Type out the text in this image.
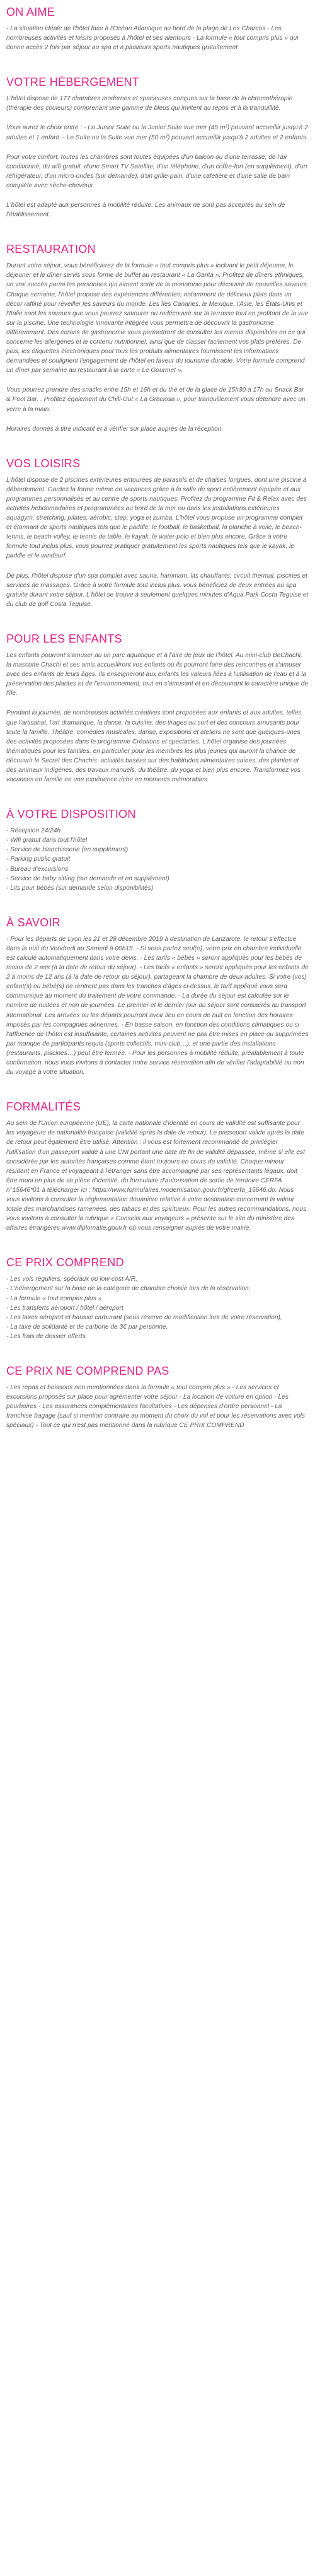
ON AIME

- La situation idéale de l'hôtel face à l'Océan Atlantique au bord de la plage de Los Charcos - Les nombreuses activités et loisirs proposés à l'hôtel et ses alentours - La formule « tout compris plus » qui donne accès 2 fois par séjour au spa et à plusieurs sports nautiques gratuitement

VOTRE HÉBERGEMENT

L'hôtel dispose de 177 chambres modernes et spacieuses conçues sur la base de la chromothérapie (thérapie des couleurs) comprenant une gamme de bleus qui invitent au repos et à la tranquillité.

Vous aurez le choix entre : - La Junior Suite ou la Junior Suite vue mer (45 m²) pouvant accueillir jusqu'à 2 adultes et 1 enfant. - Le Suite ou la Suite vue mer (50 m²) pouvant accueillir jusqu'à 2 adultes et 2 enfants.

Pour votre confort, toutes les chambres sont toutes équipées d'un balcon ou d'une terrasse, de l'air conditionné, du wifi gratuit, d'une Smart TV Satellite, d'un téléphone, d'un coffre-fort (en supplément), d'un réfrigérateur, d'un micro-ondes (sur demande), d'un grille-pain, d'une cafetière et d'une salle de bain complète avec sèche-cheveux.

L'hôtel est adapté aux personnes à mobilité réduite. Les animaux ne sont pas acceptés au sein de l'établissement.

RESTAURATION

Durant votre séjour, vous bénéficierez de la formule « tout compris plus » incluant le petit déjeuner, le déjeuner et le dîner servis sous forme de buffet au restaurant « La Garita ». Profitez de dîners ethniques, un vrai succès parmi les personnes qui aiment sortir de la monotonie pour découvrir de nouvelles saveurs. Chaque semaine, l'hôtel propose des expériences différentes, notamment de délicieux plats dans un décor raffiné pour réveiller les saveurs du monde. Les îles Canaries, le Mexique, l'Asie, les États-Unis et l'Italie sont les saveurs que vous pourrez savourer ou redécouvrir sur la terrasse tout en profitant de la vue sur la piscine. Une technologie innovante intégrée vous permettra de découvrir la gastronomie différemment. Des écrans de gastronomie vous permettront de consulter les menus disponibles en ce qui concerne les allergènes et le contenu nutritionnel, ainsi que de classer facilement vos plats préférés. De plus, les étiquettes électroniques pour tous les produits alimentaires fournissent les informations demandées et soulignent l'engagement de l'hôtel en faveur du tourisme durable. Votre formule comprend un dîner par semaine au restaurant à la carte « Le Gourmet ».

Vous pourrez prendre des snacks entre 15h et 16h et du thé et de la glace de 15h30 à 17h au Snack Bar & Pool Bar. . Profitez également du Chill-Out « La Graciosa », pour tranquillement vous détendre avec un verre à la main.

Horaires donnés à titre indicatif et à vérifier sur place auprès de la réception.

VOS LOISIRS

L'hôtel dispose de 2 piscines extérieures entourées de parasols et de chaises longues, dont une piscine à débordement. Gardez la forme même en vacances grâce à la salle de sport entièrement équipée et aux programmes personnalisés et au centre de sports nautiques. Profitez du programme Fit & Relax avec des activités hebdomadaires et programmées au bord de la mer ou dans les installations extérieures aquagym, stretching, pilates, aérobic, step, yoga et zumba. L'hôtel vous propose un programme complet et étonnant de sports nautiques tels que le paddle, le football, le basketball, la planche à voile, le beach-tennis, le beach-volley, le tennis de table, le kayak, le water-polo et bien plus encore. Grâce à votre formule tout inclus plus, vous pourrez pratiquer gratuitement les sports nautiques tels que le kayak, le paddle et le windsurf.

De plus, l'hôtel dispose d'un spa complet avec sauna, hammam, lits chauffants, circuit thermal, piscines et services de massages. Grâce à votre formule tout inclus plus, vous bénéficiez de deux entrées au spa gratuite durant votre séjour. L'hôtel se trouve à seulement quelques minutes d'Aqua Park Costa Teguise et du club de golf Costa Teguise.

POUR LES ENFANTS

Les enfants pourront s'amuser au un parc aquatique et à l'aire de jeux de l'hôtel. Au mini-club BeChachi, la mascotte Chachi et ses amis accueilliront vos enfants où ils pourront faire des rencontres et s'amuser avec des enfants de leurs âges. Ils enseigneront aux enfants les valeurs liées à l'utilisation de l'eau et à la préservation des plantes et de l'environnement, tout en s'amusant et en découvrant le caractère unique de l'île.

Pendant la journée, de nombreuses activités créatives sont proposées aux enfants et aux adultes, telles que l'artisanat, l'art dramatique, la danse, la cuisine, des tirages au sort et des concours amusants pour toute la famille. Théâtre, comédies musicales, danse, expositions et ateliers ne sont que quelques-unes des activités proposées dans le programme Créations et spectacles. L'hôtel organise des journées thématiques pour les familles, en particulier pour les membres les plus jeunes qui auront la chance de découvrir le Secret des Chachis: activités basées sur des habitudes alimentaires saines, des plantes et des animaux indigènes, des travaux manuels, du théâtre, du yoga et bien plus encore. Transformez vos vacances en famille en une expérience riche en moments mémorables.

À VOTRE DISPOSITION
- Réception 24/24h
- Wifi gratuit dans tout l'hôtel
- Service de blanchisserie (en supplément)
- Parking public gratuit
- Bureau d'excursions
- Service de baby sitting (sur demande et en supplément)
- Lits pour bébés (sur demande selon disponibilités)
À SAVOIR

- Pour les départs de Lyon les 21 et 28 décembre 2019 à destination de Lanzarote, le retour s'effectue dans la nuit du Vendredi au Samedi à 00h15. - Si vous partez seul(e), votre prix en chambre individuelle est calculé automatiquement dans votre devis. - Les tarifs « bébés » seront appliqués pour les bébés de moins de 2 ans (à la date de retour du séjour). - Les tarifs « enfants » seront appliqués pour les enfants de 2 à moins de 12 ans (à la date de retour du séjour), partageant la chambre de deux adultes. Si votre (vos) enfant(s) ou bébé(s) ne rentrent pas dans les tranches d'âges ci-dessus, le tarif appliqué vous sera communiqué au moment du traitement de votre commande. - La durée du séjour est calculée sur le nombre de nuitées et non de journées. Le premier et le dernier jour du séjour sont consacrés au transport international. Les arrivées ou les départs pourront avoir lieu en cours de nuit en fonction des horaires imposés par les compagnies aériennes. - En basse saison, en fonction des conditions climatiques ou si l'affluence de l'hôtel est insuffisante, certaines activités peuvent ne pas être mises en place ou supprimées par manque de participants requis (sports collectifs, mini-club…), et une partie des installations (restaurants, piscines…) peut être fermée. - Pour les personnes à mobilité réduite, préalablement à toute confirmation, nous vous invitons à contacter notre service réservation afin de vérifier l'adaptabilité ou non du voyage à votre situation.

FORMALITÉS

Au sein de l'Union européenne (UE), la carte nationale d'identité en cours de validité est suffisante pour les voyageurs de nationalité française (validité après la date de retour). Le passeport valide après la date de retour peut également être utilisé. Attention : il vous est fortement recommandé de privilégier l'utilisation d'un passeport valide à une CNI portant une date de fin de validité dépassée, même si elle est considérée par les autorités françaises comme étant toujours en cours de validité. Chaque mineur résidant en France et voyageant à l'étranger sans être accompagné par ses représentants légaux, doit être muni en plus de sa pièce d'identité, du formulaire d'autorisation de sortie de territoire CERFA n°15646*01 à télécharger ici : https://www.formulaires.modernisation.gouv.fr/gf/cerfa_15646.do. Nous vous invitons à consulter la réglementation douanière relative à votre destination concernant la valeur totale des marchandises ramenées, des tabacs et des spiritueux. Pour les autres recommandations, nous vous invitons à consulter la rubrique « Conseils aux voyageurs » présente sur le site du ministère des affaires étrangères www.diplomatie.gouv.fr où vous renseigner auprès de votre mairie.

CE PRIX COMPREND
- Les vols réguliers, spéciaux ou low-cost A/R,
- L'hébergement sur la base de la catégorie de chambre choisie lors de la réservation,
- La formule « tout compris plus »
- Les transferts aéroport / hôtel / aéroport
- Les taxes aéroport et hausse carburant (sous réserve de modification lors de votre réservation),
- La taxe de solidarité et de carbone de 3€ par personne,
- Les frais de dossier offerts.
CE PRIX NE COMPREND PAS

- Les repas et boissons non mentionnées dans la formule « tout compris plus » - Les services et excursions proposés sur place pour agrémenter votre séjour - La location de voiture en option - Les pourboires - Les assurances complémentaires facultatives - Les dépenses d'ordre personnel - La franchise bagage (sauf si mention contraire au moment du choix du vol et pour les réservations avec vols spéciaux) - Tout ce qui n'est pas mentionné dans la rubrique CE PRIX COMPREND
